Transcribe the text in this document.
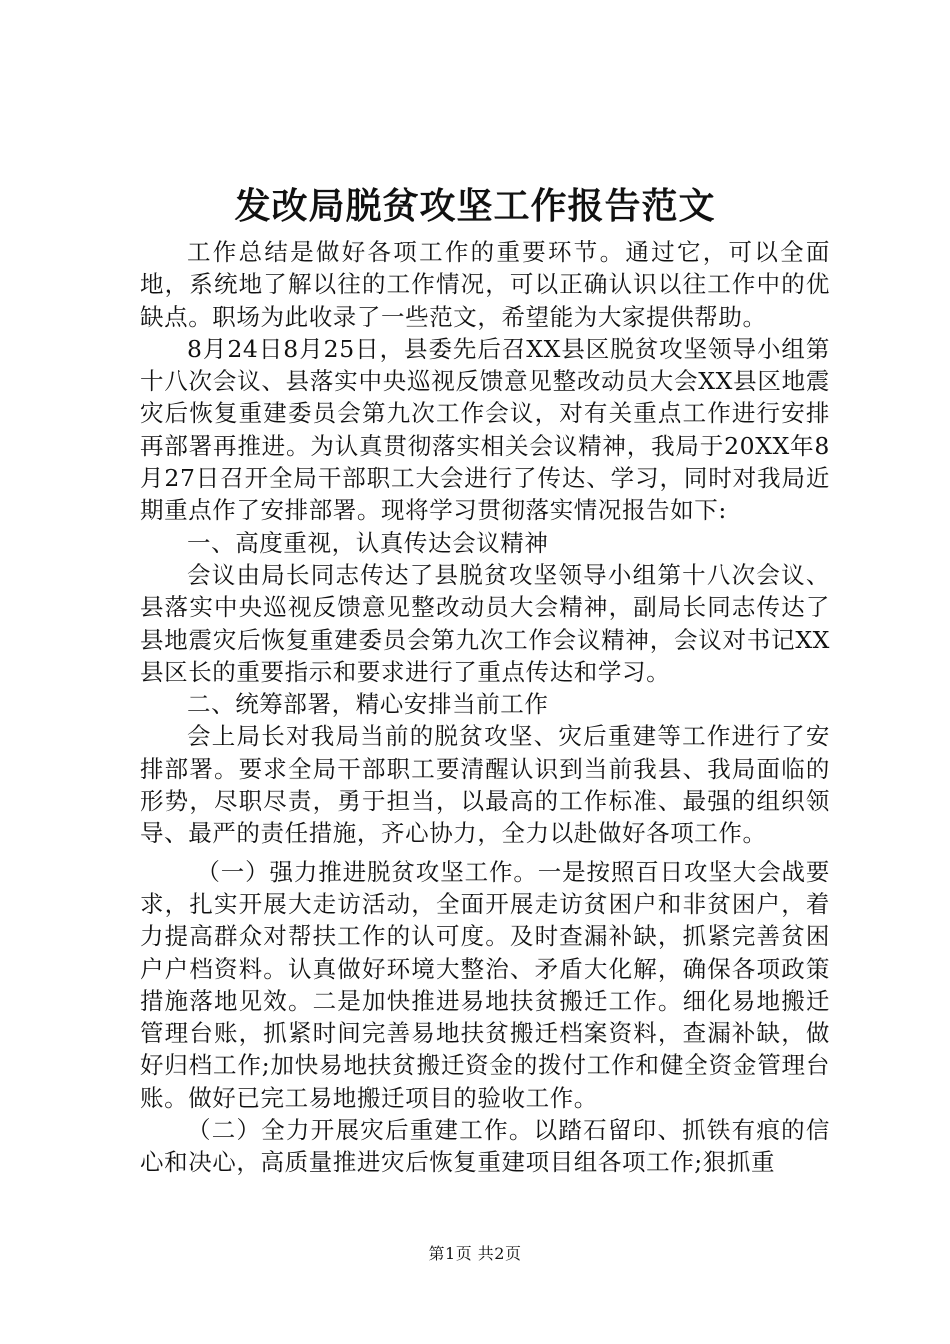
发改局脱贫攻坚工作报告范文

工作总结是做好各项工作的重要环节。通过它，可以全面地，系统地了解以往的工作情况，可以正确认识以往工作中的优缺点。职场为此收录了一些范文，希望能为大家提供帮助。

8月24日8月25日，县委先后召XX县区脱贫攻坚领导小组第十八次会议、县落实中央巡视反馈意见整改动员大会XX县区地震灾后恢复重建委员会第九次工作会议，对有关重点工作进行安排再部署再推进。为认真贯彻落实相关会议精神，我局于20XX年8月27日召开全局干部职工大会进行了传达、学习，同时对我局近期重点作了安排部署。现将学习贯彻落实情况报告如下:

一、高度重视，认真传达会议精神

会议由局长同志传达了县脱贫攻坚领导小组第十八次会议、县落实中央巡视反馈意见整改动员大会精神，副局长同志传达了县地震灾后恢复重建委员会第九次工作会议精神，会议对书记XX县区长的重要指示和要求进行了重点传达和学习。

二、统筹部署，精心安排当前工作

会上局长对我局当前的脱贫攻坚、灾后重建等工作进行了安排部署。要求全局干部职工要清醒认识到当前我县、我局面临的形势，尽职尽责，勇于担当，以最高的工作标准、最强的组织领导、最严的责任措施，齐心协力，全力以赴做好各项工作。

（一）强力推进脱贫攻坚工作。一是按照百日攻坚大会战要求，扎实开展大走访活动，全面开展走访贫困户和非贫困户，着力提高群众对帮扶工作的认可度。及时查漏补缺，抓紧完善贫困户户档资料。认真做好环境大整治、矛盾大化解，确保各项政策措施落地见效。二是加快推进易地扶贫搬迁工作。细化易地搬迁管理台账，抓紧时间完善易地扶贫搬迁档案资料，查漏补缺，做好归档工作;加快易地扶贫搬迁资金的拨付工作和健全资金管理台账。做好已完工易地搬迁项目的验收工作。

（二）全力开展灾后重建工作。以踏石留印、抓铁有痕的信心和决心，高质量推进灾后恢复重建项目组各项工作;狠抓重

第1页 共2页
